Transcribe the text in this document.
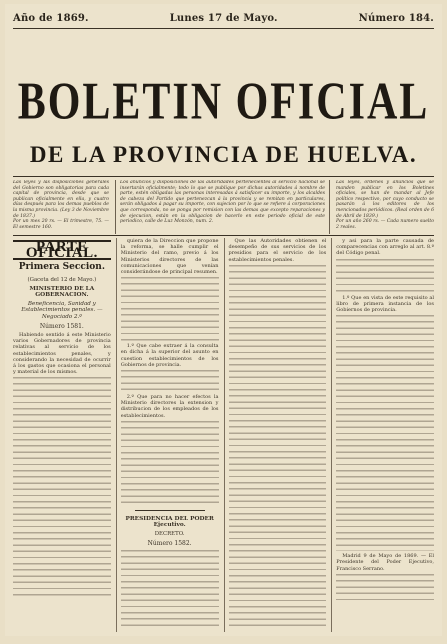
Año de 1869.	Lunes 17 de Mayo.	Número 184.
BOLETIN OFICIAL
DE LA PROVINCIA DE HUELVA.
Las leyes y las disposiciones generales del Gobierno son obligatorias para cada capital de provincia, desde que se publican oficialmente en ella, y cuatro días después para los demas pueblos de la misma provincia. (Ley 3 de Noviembre de 1837.)
Por un mes 20 rs. — El trimestre, 75. — El semestre 160.
Los anuncios y disposiciones de las autoridades pertenecientes al servicio nacional se insertarán oficialmente; todo lo que se publique por dichas autoridades á nombre de parte, estén obligadas las personas interesadas á satisfacer su importe, y los alcaldes de cabeza del Partido que pertenezcan á la provincia y se remitan en particulares, serán obligados á pagar su importe, con sujecion por lo que se refiere á corporaciones que corresponda, no se ponga por remision con las demas que excepto reparaciones y de ejecucion, están en la obligacion de hacerlo en este periodo oficial de este periodico, calle de Luz Monzón, num. 2.
Las leyes, ordenes y anuncios que se manden publicar en los Boletines oficiales, se han de mandar al Jefe político respectivo, por cuyo conducto se pasarán á los editores de los mencionados periódicos. (Real orden de 6 de Abril de 1839.)
Por un año 260 rs. — Cada numero suelto 2 reales.
PARTE OFICIAL.
Primera Seccion.
(Gaceta del 12 de Mayo.)
MINISTERIO DE LA GOBERNACION.
Beneficencia, Sanidad y Establecimientos penales. — Negociado 2.º
Número 1581.

Habiendo sentido á este Ministerio varios Gobernadores de provincia relativas al servicio de los establecimientos penales, y considerando la necesidad de ocurrir á los gastos que ocasiona el personal y material de los mismos.

quiera de la Direccion que propone la reforma, se halle cumplir el Ministerio del ramo, previo á los Ministerios directores de las comunicaciones que venían considerándose de principal resumen.

1.º Que cabe extraer á la consulta en dicha á la superior del asunto en cuestion establecimientos de los Gobiernos de provincia.

2.º Que para no hacer efectos la Ministerio directores la extension y distribucion de los empleados de los establecimientos.

PRESIDENCIA DEL PODER Ejecutivo.
DECRETO.
Número 1582.

Que las Autoridades obtienen el desempeño de sus servicios de los presidios para el servicio de los establecimientos penales.

y asi para la parte causada de comparecencias con arreglo al art. 8.º del Código penal.

1.º Que en vista de este requisito al libro de primera instancia de los Gobiernos de provincia.

Madrid 9 de Mayo de 1869. — El Presidente del Poder Ejecutivo, Francisco Serrano.
